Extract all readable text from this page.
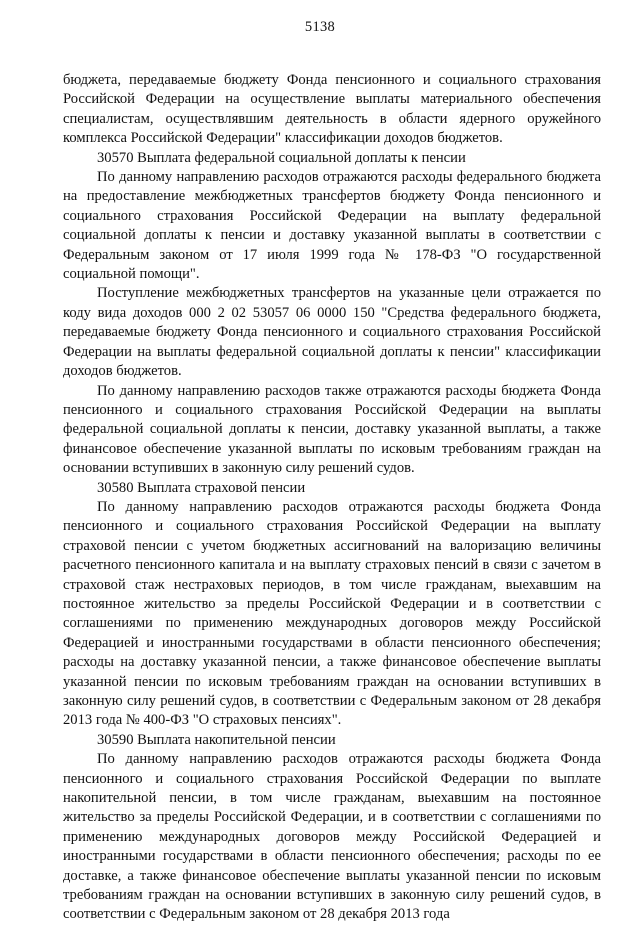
5138

бюджета, передаваемые бюджету Фонда пенсионного и социального страхования Российской Федерации на осуществление выплаты материального обеспечения специалистам, осуществлявшим деятельность в области ядерного оружейного комплекса Российской Федерации" классификации доходов бюджетов.

30570 Выплата федеральной социальной доплаты к пенсии

По данному направлению расходов отражаются расходы федерального бюджета на предоставление межбюджетных трансфертов бюджету Фонда пенсионного и социального страхования Российской Федерации на выплату федеральной социальной доплаты к пенсии и доставку указанной выплаты в соответствии с Федеральным законом от 17 июля 1999 года № 178-ФЗ "О государственной социальной помощи".

Поступление межбюджетных трансфертов на указанные цели отражается по коду вида доходов 000 2 02 53057 06 0000 150 "Средства федерального бюджета, передаваемые бюджету Фонда пенсионного и социального страхования Российской Федерации на выплаты федеральной социальной доплаты к пенсии" классификации доходов бюджетов.

По данному направлению расходов также отражаются расходы бюджета Фонда пенсионного и социального страхования Российской Федерации на выплаты федеральной социальной доплаты к пенсии, доставку указанной выплаты, а также финансовое обеспечение указанной выплаты по исковым требованиям граждан на основании вступивших в законную силу решений судов.

30580 Выплата страховой пенсии

По данному направлению расходов отражаются расходы бюджета Фонда пенсионного и социального страхования Российской Федерации на выплату страховой пенсии с учетом бюджетных ассигнований на валоризацию величины расчетного пенсионного капитала и на выплату страховых пенсий в связи с зачетом в страховой стаж нестраховых периодов, в том числе гражданам, выехавшим на постоянное жительство за пределы Российской Федерации и в соответствии с соглашениями по применению международных договоров между Российской Федерацией и иностранными государствами в области пенсионного обеспечения; расходы на доставку указанной пенсии, а также финансовое обеспечение выплаты указанной пенсии по исковым требованиям граждан на основании вступивших в законную силу решений судов, в соответствии с Федеральным законом от 28 декабря 2013 года № 400-ФЗ "О страховых пенсиях".

30590 Выплата накопительной пенсии

По данному направлению расходов отражаются расходы бюджета Фонда пенсионного и социального страхования Российской Федерации по выплате накопительной пенсии, в том числе гражданам, выехавшим на постоянное жительство за пределы Российской Федерации, и в соответствии с соглашениями по применению международных договоров между Российской Федерацией и иностранными государствами в области пенсионного обеспечения; расходы по ее доставке, а также финансовое обеспечение выплаты указанной пенсии по исковым требованиям граждан на основании вступивших в законную силу решений судов, в соответствии с Федеральным законом от 28 декабря 2013 года
